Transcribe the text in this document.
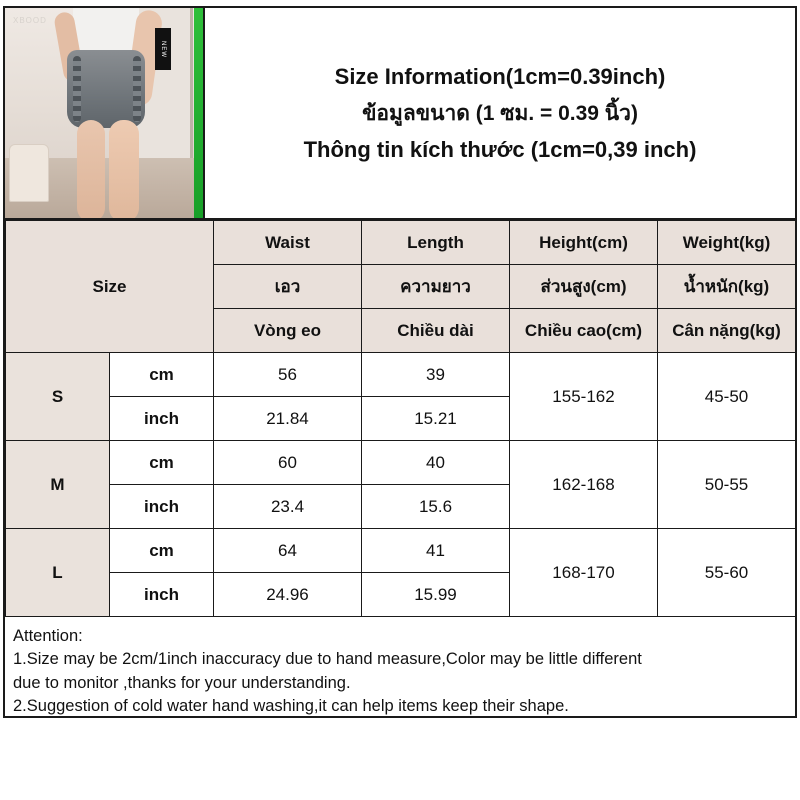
NEW
XBOOD
Size Information(1cm=0.39inch)
ข้อมูลขนาด (1 ซม. = 0.39 นิ้ว)
Thông tin kích thước (1cm=0,39 inch)
Size		Waist	Length	Height(cm)	Weight(kg)
		เอว	ความยาว	ส่วนสูง(cm)	น้ำหนัก(kg)
		Vòng eo	Chiều dài	Chiều cao(cm)	Cân nặng(kg)
S	cm	56	39	155-162	45-50
	inch	21.84	15.21		
M	cm	60	40	162-168	50-55
	inch	23.4	15.6		
L	cm	64	41	168-170	55-60
	inch	24.96	15.99		
Attention:
1.Size may be 2cm/1inch inaccuracy due to hand measure,Color may be little different
due to monitor ,thanks for your understanding.
2.Suggestion of cold water hand washing,it can help items keep their shape.
